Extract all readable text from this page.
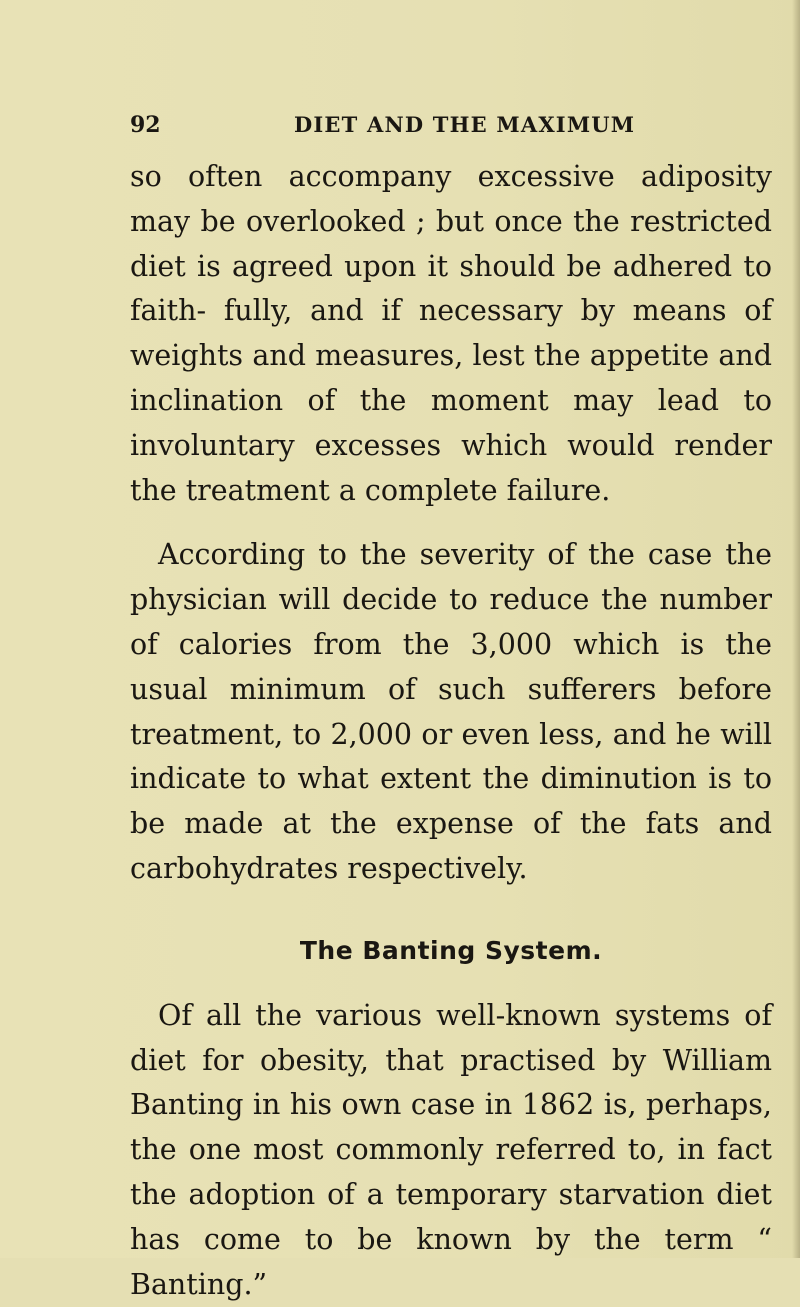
92	DIET AND THE MAXIMUM

so often accompany excessive adiposity may be overlooked ; but once the restricted diet is agreed upon it should be adhered to faith- fully, and if necessary by means of weights and measures, lest the appetite and inclination of the moment may lead to involuntary excesses which would render the treatment a complete failure.

According to the severity of the case the physician will decide to reduce the number of calories from the 3,000 which is the usual minimum of such sufferers before treatment, to 2,000 or even less, and he will indicate to what extent the diminution is to be made at the expense of the fats and carbohydrates respectively.

The Banting System.

Of all the various well-known systems of diet for obesity, that practised by William Banting in his own case in 1862 is, perhaps, the one most commonly referred to, in fact the adoption of a temporary starvation diet has come to be known by the term “ Banting.”
